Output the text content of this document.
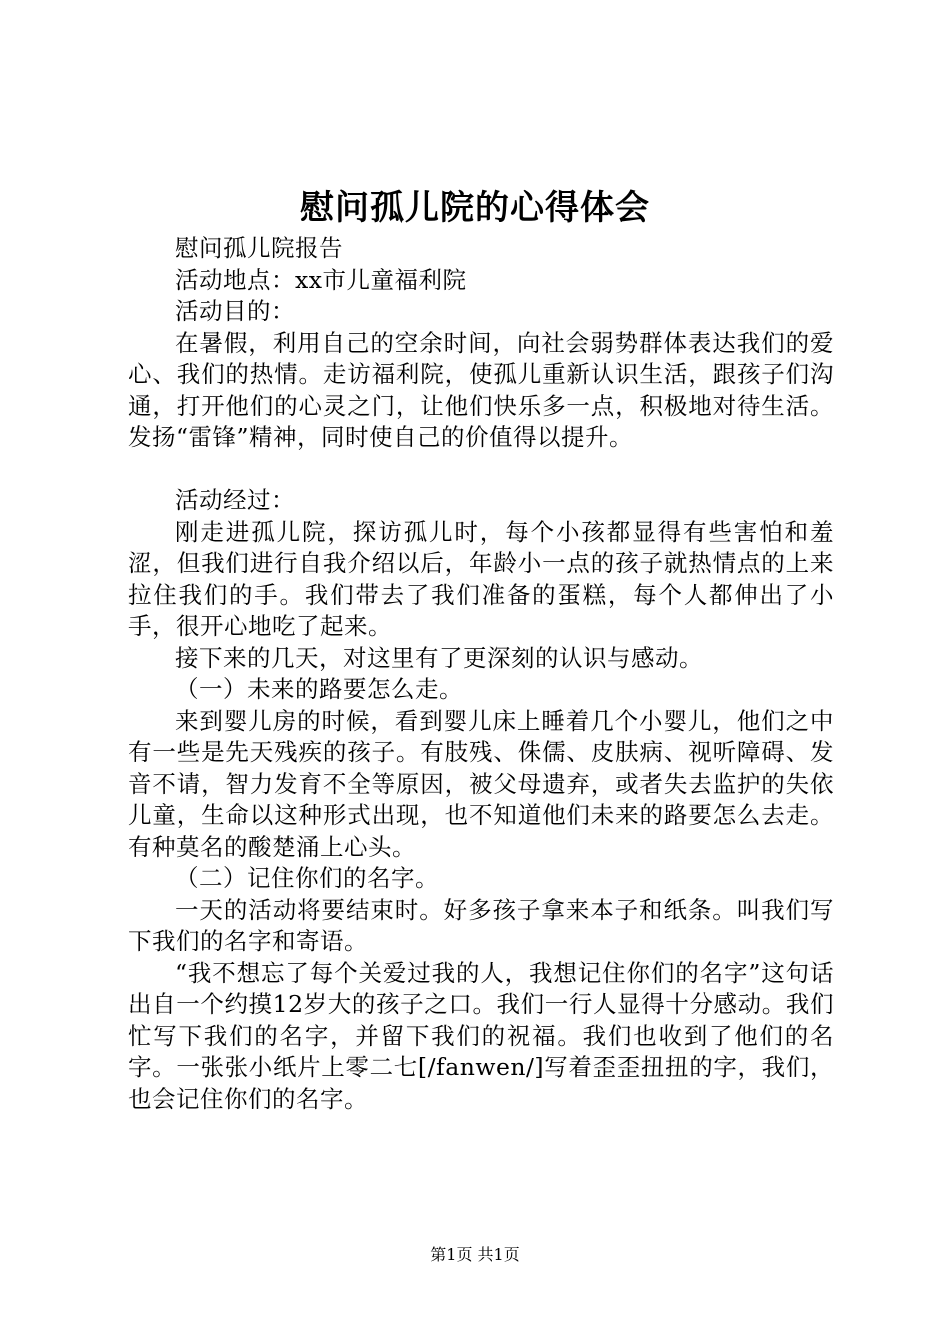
慰问孤儿院的心得体会

慰问孤儿院报告

活动地点：xx市儿童福利院

活动目的：

在暑假，利用自己的空余时间，向社会弱势群体表达我们的爱心、我们的热情。走访福利院，使孤儿重新认识生活，跟孩子们沟通，打开他们的心灵之门，让他们快乐多一点，积极地对待生活。发扬“雷锋”精神，同时使自己的价值得以提升。

活动经过：

刚走进孤儿院，探访孤儿时，每个小孩都显得有些害怕和羞涩，但我们进行自我介绍以后，年龄小一点的孩子就热情点的上来拉住我们的手。我们带去了我们准备的蛋糕，每个人都伸出了小手，很开心地吃了起来。

接下来的几天，对这里有了更深刻的认识与感动。

（一）未来的路要怎么走。

来到婴儿房的时候，看到婴儿床上睡着几个小婴儿，他们之中有一些是先天残疾的孩子。有肢残、侏儒、皮肤病、视听障碍、发音不请，智力发育不全等原因，被父母遗弃，或者失去监护的失依儿童，生命以这种形式出现，也不知道他们未来的路要怎么去走。有种莫名的酸楚涌上心头。

（二）记住你们的名字。

一天的活动将要结束时。好多孩子拿来本子和纸条。叫我们写下我们的名字和寄语。

“我不想忘了每个关爱过我的人，我想记住你们的名字”这句话出自一个约摸12岁大的孩子之口。我们一行人显得十分感动。我们忙写下我们的名字，并留下我们的祝福。我们也收到了他们的名字。一张张小纸片上零二七[/fanwen/]写着歪歪扭扭的字，我们，也会记住你们的名字。

第1页 共1页
